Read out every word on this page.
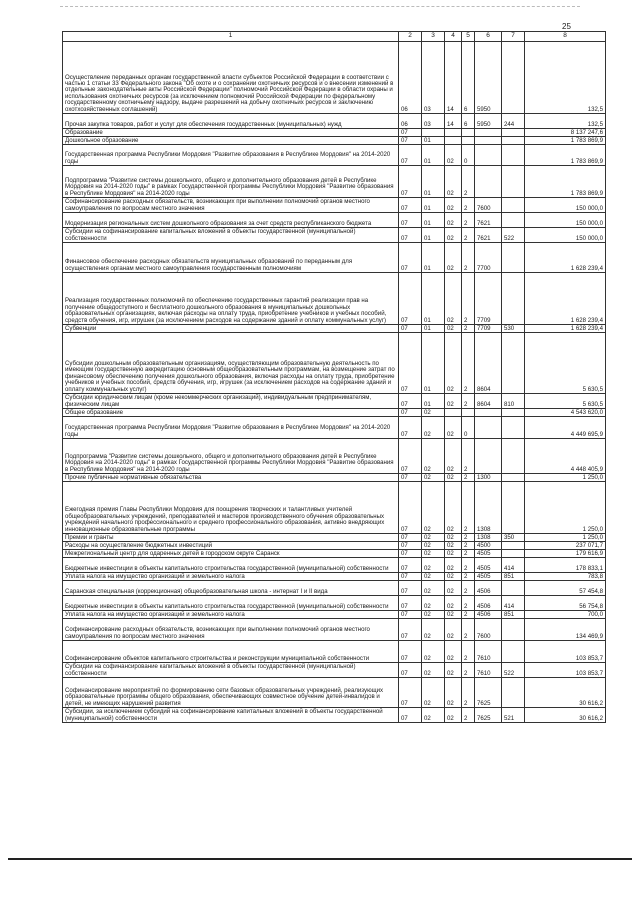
25
1	2	3	4	5	6	7	8
Осуществление переданных органам государственной власти субъектов Российской Федерации в соответствии с частью 1 статьи 33 Федерального закона "Об охоте и о сохранении охотничьих ресурсов и о внесении изменений в отдельные законодательные акты Российской Федерации" полномочий Российской Федерации в области охраны и использования охотничьих ресурсов (за исключением полномочий Российской Федерации по федеральному государственному охотничьему надзору, выдаче разрешений на добычу охотничьих ресурсов и заключению охотхозяйственных соглашений)	06	03	14	6	5950		132,5
Прочая закупка товаров, работ и услуг для обеспечения государственных (муниципальных) нужд	06	03	14	6	5950	244	132,5
Образование	07						8 137 247,6
Дошкольное образование	07	01					1 783 869,9
Государственная программа Республики Мордовия "Развитие образования в Республике Мордовия" на 2014-2020 годы	07	01	02	0			1 783 869,9
Подпрограмма "Развитие системы дошкольного, общего и дополнительного образования детей в Республике Мордовия на 2014-2020 годы" в рамках Государственной программы Республики Мордовия "Развитие образования в Республике Мордовия" на 2014-2020 годы	07	01	02	2			1 783 869,9
Софинансирование расходных обязательств, возникающих при выполнении полномочий органов местного самоуправления по вопросам местного значения	07	01	02	2	7600		150 000,0
Модернизация региональных систем дошкольного образования за счет средств республиканского бюджета	07	01	02	2	7621		150 000,0
Субсидии на софинансирование капитальных вложений в объекты государственной (муниципальной) собственности	07	01	02	2	7621	522	150 000,0
Финансовое обеспечение расходных обязательств муниципальных образований по переданным для осуществления органам местного самоуправления государственным полномочиям	07	01	02	2	7700		1 628 239,4
Реализация государственных полномочий по обеспечению государственных гарантий реализации прав на получение общедоступного и бесплатного дошкольного образования в муниципальных дошкольных образовательных организациях, включая расходы на оплату труда, приобретение учебников и учебных пособий, средств обучения, игр, игрушек (за исключением расходов на содержание зданий и оплату коммунальных услуг)	07	01	02	2	7709		1 628 239,4
Субвенции	07	01	02	2	7709	530	1 628 239,4
Субсидии дошкольным образовательным организациям, осуществляющим образовательную деятельность по имеющим государственную аккредитацию основным общеобразовательным программам, на возмещение затрат по финансовому обеспечению получения дошкольного образования, включая расходы на оплату труда, приобретение учебников и учебных пособий, средств обучения, игр, игрушек (за исключением расходов на содержание зданий и оплату коммунальных услуг)	07	01	02	2	8604		5 630,5
Субсидии юридическим лицам (кроме некоммерческих организаций), индивидуальным предпринимателям, физическим лицам	07	01	02	2	8604	810	5 630,5
Общее образование	07	02					4 543 620,0
Государственная программа Республики Мордовия "Развитие образования в Республике Мордовия" на 2014-2020 годы	07	02	02	0			4 449 695,9
Подпрограмма "Развитие системы дошкольного, общего и дополнительного образования детей в Республике Мордовия на 2014-2020 годы" в рамках Государственной программы Республики Мордовия "Развитие образования в Республике Мордовия" на 2014-2020 годы	07	02	02	2			4 448 405,9
Прочие публичные нормативные обязательства	07	02	02	2	1300		1 250,0
Ежегодная премия Главы Республики Мордовия для поощрения творческих и талантливых учителей общеобразовательных учреждений, преподавателей и мастеров производственного обучения образовательных учреждений начального профессионального и среднего профессионального образования, активно внедряющих инновационные образовательные программы	07	02	02	2	1308		1 250,0
Премии и гранты	07	02	02	2	1308	350	1 250,0
Расходы на осуществление бюджетных инвестиций	07	02	02	2	4500		237 071,7
Межрегиональный центр для одаренных детей в городском округе Саранск	07	02	02	2	4505		179 616,9
Бюджетные инвестиции в объекты капитального строительства государственной (муниципальной) собственности	07	02	02	2	4505	414	178 833,1
Уплата налога на имущество организаций и земельного налога	07	02	02	2	4505	851	783,8
Саранская специальная (коррекционная) общеобразовательная школа - интернат I и II вида	07	02	02	2	4506		57 454,8
Бюджетные инвестиции в объекты капитального строительства государственной (муниципальной) собственности	07	02	02	2	4506	414	56 754,8
Уплата налога на имущество организаций и земельного налога	07	02	02	2	4506	851	700,0
Софинансирование расходных обязательств, возникающих при выполнении полномочий органов местного самоуправления по вопросам местного значения	07	02	02	2	7600		134 469,9
Софинансирование объектов капитального строительства и реконструкции муниципальной собственности	07	02	02	2	7610		103 853,7
Субсидии на софинансирование капитальных вложений в объекты государственной (муниципальной) собственности	07	02	02	2	7610	522	103 853,7
Софинансирование мероприятий по формированию сети базовых образовательных учреждений, реализующих образовательные программы общего образования, обеспечивающих совместное обучение детей-инвалидов и детей, не имеющих нарушений развития	07	02	02	2	7625		30 616,2
Субсидии, за исключением субсидий на софинансирование капитальных вложений в объекты государственной (муниципальной) собственности	07	02	02	2	7625	521	30 616,2
